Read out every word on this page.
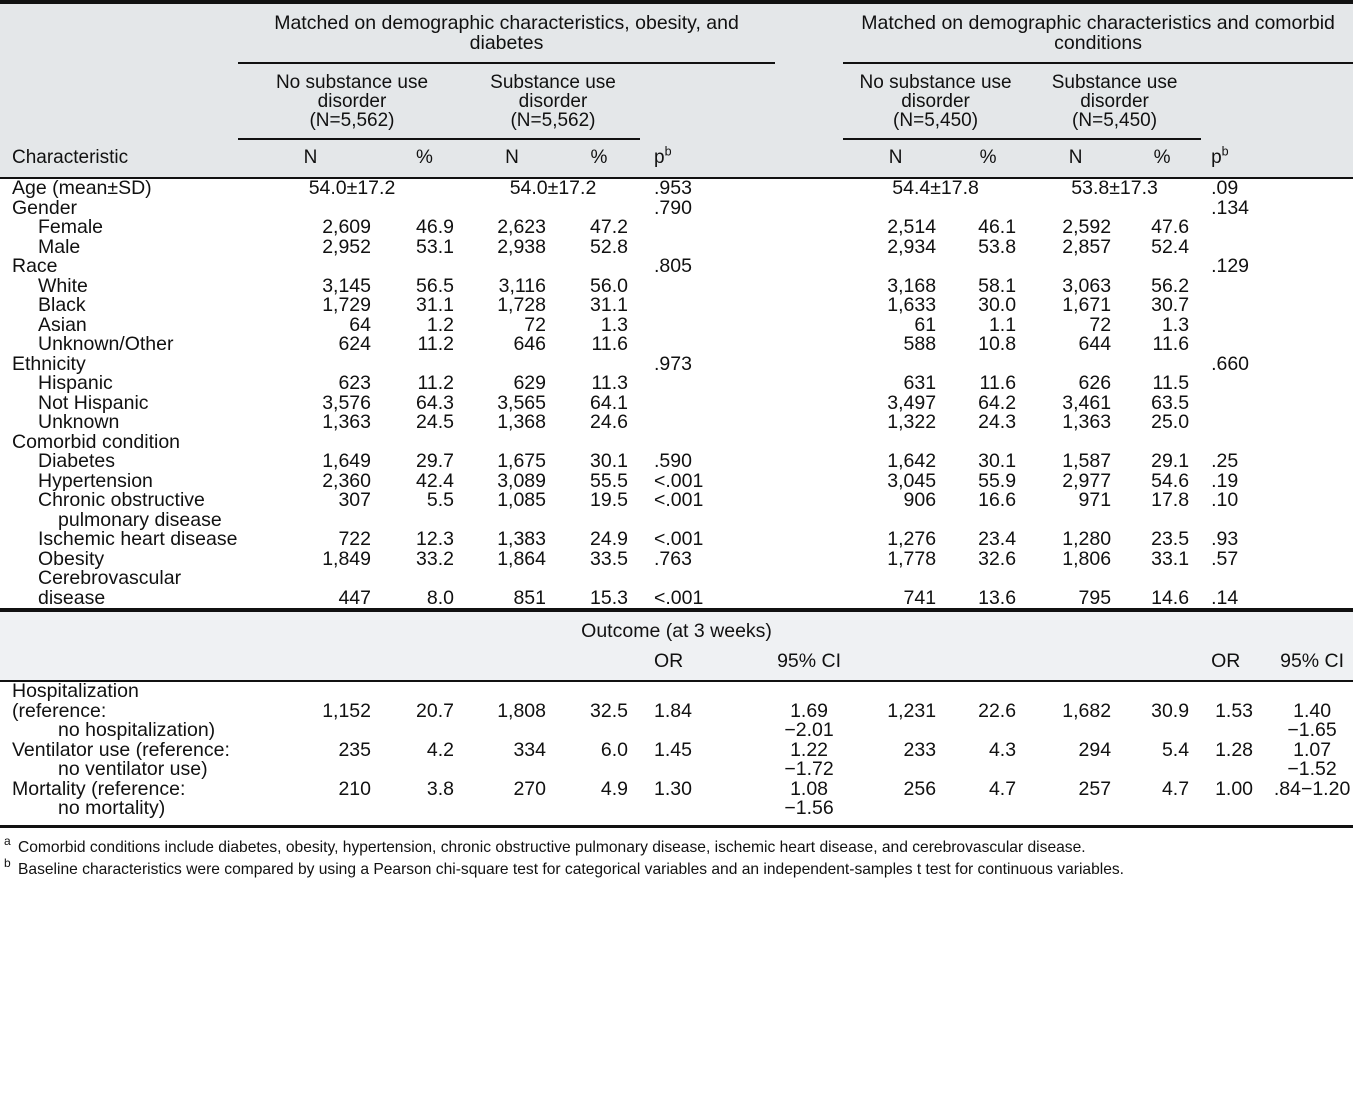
	Matched on demographic characteristics, obesity, and diabetes						Matched on demographic characteristics and comorbid conditions					
	No substance use disorder
(N=5,562)		Substance use disorder
(N=5,562)				No substance use disorder
(N=5,450)		Substance use disorder
(N=5,450)			
Characteristic	N	%	N	%	p$^b$		N	%	N	%	p$^b$	
Age (mean±SD)	54.0±17.2		54.0±17.2		.953		54.4±17.8		53.8±17.3		.09	
Gender					.790						.134	
Female	2,609	46.9	2,623	47.2			2,514	46.1	2,592	47.6		
Male	2,952	53.1	2,938	52.8			2,934	53.8	2,857	52.4		

Race					.805						.129	
White	3,145	56.5	3,116	56.0			3,168	58.1	3,063	56.2		
Black	1,729	31.1	1,728	31.1			1,633	30.0	1,671	30.7		
Asian	64	1.2	72	1.3			61	1.1	72	1.3		
Unknown/Other	624	11.2	646	11.6			588	10.8	644	11.6		

Ethnicity					.973						.660	
Hispanic	623	11.2	629	11.3			631	11.6	626	11.5		
Not Hispanic	3,576	64.3	3,565	64.1			3,497	64.2	3,461	63.5		
Unknown	1,363	24.5	1,368	24.6			1,322	24.3	1,363	25.0		

Comorbid condition												
Diabetes	1,649	29.7	1,675	30.1	.590		1,642	30.1	1,587	29.1	.25	
Hypertension	2,360	42.4	3,089	55.5	<.001		3,045	55.9	2,977	54.6	.19	
Chronic obstructive	307	5.5	1,085	19.5	<.001		906	16.6	971	17.8	.10	
pulmonary disease												
Ischemic heart disease	722	12.3	1,383	24.9	<.001		1,276	23.4	1,280	23.5	.93	
Obesity	1,849	33.2	1,864	33.5	.763		1,778	32.6	1,806	33.1	.57	
Cerebrovascular disease	447	8.0	851	15.3	<.001		741	13.6	795	14.6	.14	
Outcome (at 3 weeks)												
					OR	95% CI					OR	95% CI
Hospitalization (reference:	1,152	20.7	1,808	32.5	1.84	1.69	1,231	22.6	1,682	30.9	1.53	1.40
no hospitalization)						−2.01						−1.65
Ventilator use (reference:	235	4.2	334	6.0	1.45	1.22	233	4.3	294	5.4	1.28	1.07
no ventilator use)						−1.72						−1.52
Mortality (reference:	210	3.8	270	4.9	1.30	1.08	256	4.7	257	4.7	1.00	.84−1.20
no mortality)						−1.56						
a Comorbid conditions include diabetes, obesity, hypertension, chronic obstructive pulmonary disease, ischemic heart disease, and cerebrovascular disease.
b Baseline characteristics were compared by using a Pearson chi-square test for categorical variables and an independent-samples t test for continuous variables.
